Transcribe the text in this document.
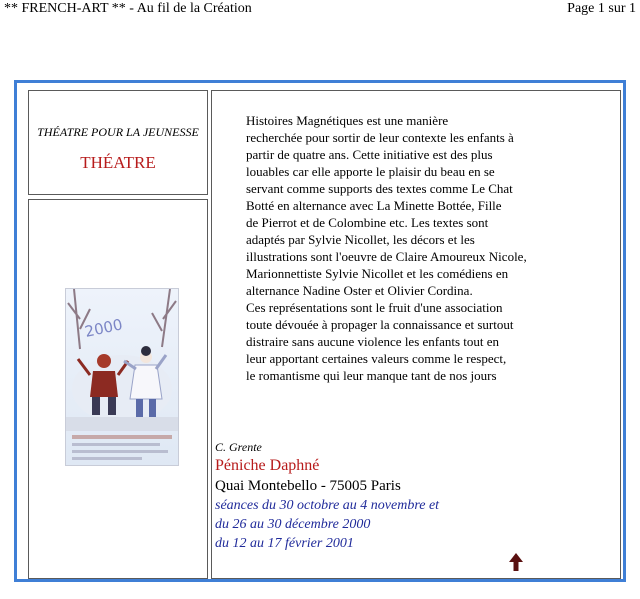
** FRENCH-ART ** - Au fil de la Création	Page 1 sur 1
THÉATRE POUR LA JEUNESSE
THÉATRE
2000
Histoires Magnétiques est une manière
recherchée pour sortir de leur contexte les enfants à
partir de quatre ans. Cette initiative est des plus
louables car elle apporte le plaisir du beau en se
servant comme supports des textes comme Le Chat
Botté en alternance avec La Minette Bottée, Fille
de Pierrot et de Colombine etc. Les textes sont
adaptés par Sylvie Nicollet, les décors et les
illustrations sont l'oeuvre de Claire Amoureux Nicole,
Marionnettiste Sylvie Nicollet et les comédiens en
alternance Nadine Oster et Olivier Cordina.
Ces représentations sont le fruit d'une association
toute dévouée à propager la connaissance et surtout
distraire sans aucune violence les enfants tout en
leur apportant certaines valeurs comme le respect,
le romantisme qui leur manque tant de nos jours
C. Grente
Péniche Daphné
Quai Montebello - 75005 Paris
séances du 30 octobre au 4 novembre et
du 26 au 30 décembre 2000
du 12 au 17 février 2001
